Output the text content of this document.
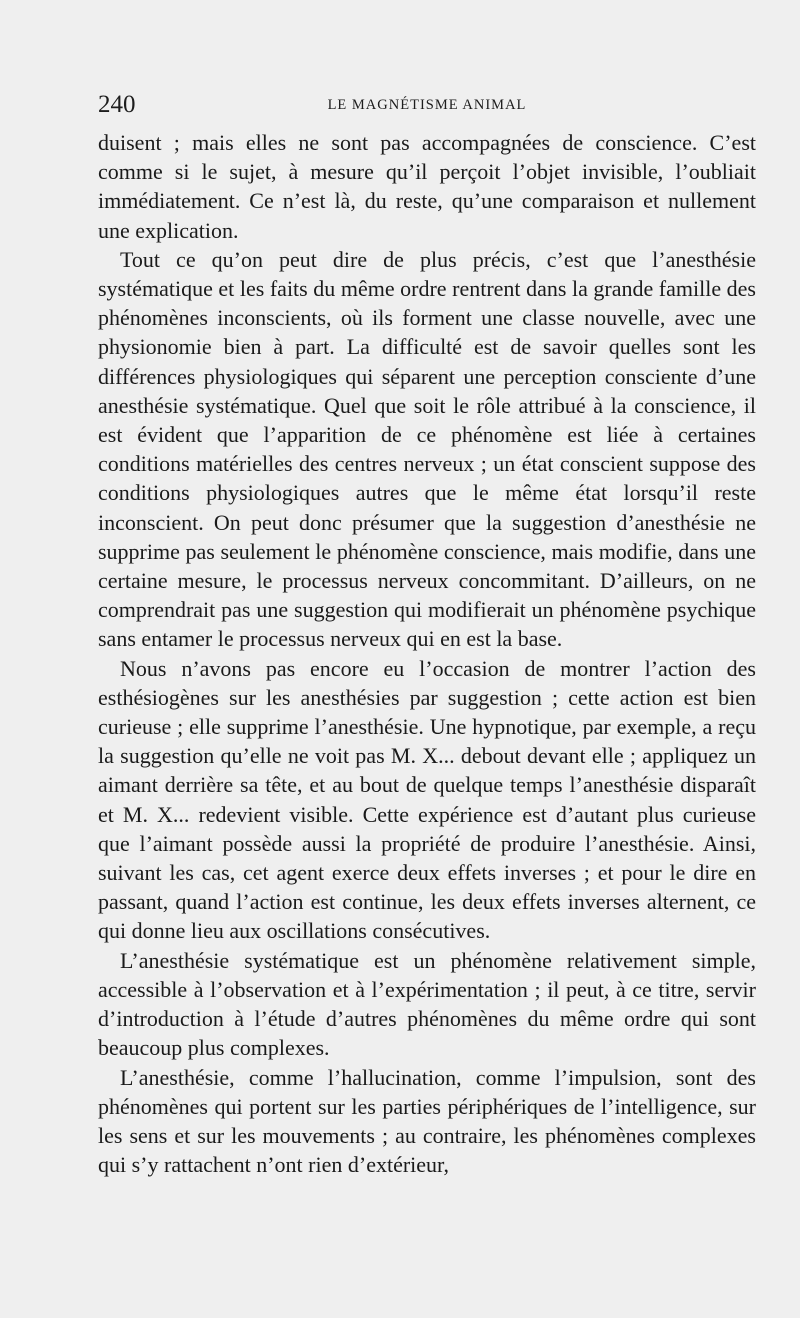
240	LE MAGNÉTISME ANIMAL

duisent ; mais elles ne sont pas accompagnées de conscience. C’est comme si le sujet, à mesure qu’il perçoit l’objet invisible, l’oubliait immédiatement. Ce n’est là, du reste, qu’une comparaison et nullement une explication.

Tout ce qu’on peut dire de plus précis, c’est que l’anesthésie systématique et les faits du même ordre rentrent dans la grande famille des phénomènes inconscients, où ils forment une classe nouvelle, avec une physionomie bien à part. La difficulté est de savoir quelles sont les différences physiologiques qui séparent une perception consciente d’une anesthésie systématique. Quel que soit le rôle attribué à la conscience, il est évident que l’apparition de ce phénomène est liée à certaines conditions matérielles des centres nerveux ; un état conscient suppose des conditions physiologiques autres que le même état lorsqu’il reste inconscient. On peut donc présumer que la suggestion d’anesthésie ne supprime pas seulement le phénomène conscience, mais modifie, dans une certaine mesure, le processus nerveux concommitant. D’ailleurs, on ne comprendrait pas une suggestion qui modifierait un phénomène psychique sans entamer le processus nerveux qui en est la base.

Nous n’avons pas encore eu l’occasion de montrer l’action des esthésiogènes sur les anesthésies par suggestion ; cette action est bien curieuse ; elle supprime l’anesthésie. Une hypnotique, par exemple, a reçu la suggestion qu’elle ne voit pas M. X... debout devant elle ; appliquez un aimant derrière sa tête, et au bout de quelque temps l’anesthésie disparaît et M. X... redevient visible. Cette expérience est d’autant plus curieuse que l’aimant possède aussi la propriété de produire l’anesthésie. Ainsi, suivant les cas, cet agent exerce deux effets inverses ; et pour le dire en passant, quand l’action est continue, les deux effets inverses alternent, ce qui donne lieu aux oscillations consécutives.

L’anesthésie systématique est un phénomène relativement simple, accessible à l’observation et à l’expérimentation ; il peut, à ce titre, servir d’introduction à l’étude d’autres phénomènes du même ordre qui sont beaucoup plus complexes.

L’anesthésie, comme l’hallucination, comme l’impulsion, sont des phénomènes qui portent sur les parties périphériques de l’intelligence, sur les sens et sur les mouvements ; au contraire, les phénomènes complexes qui s’y rattachent n’ont rien d’extérieur,
